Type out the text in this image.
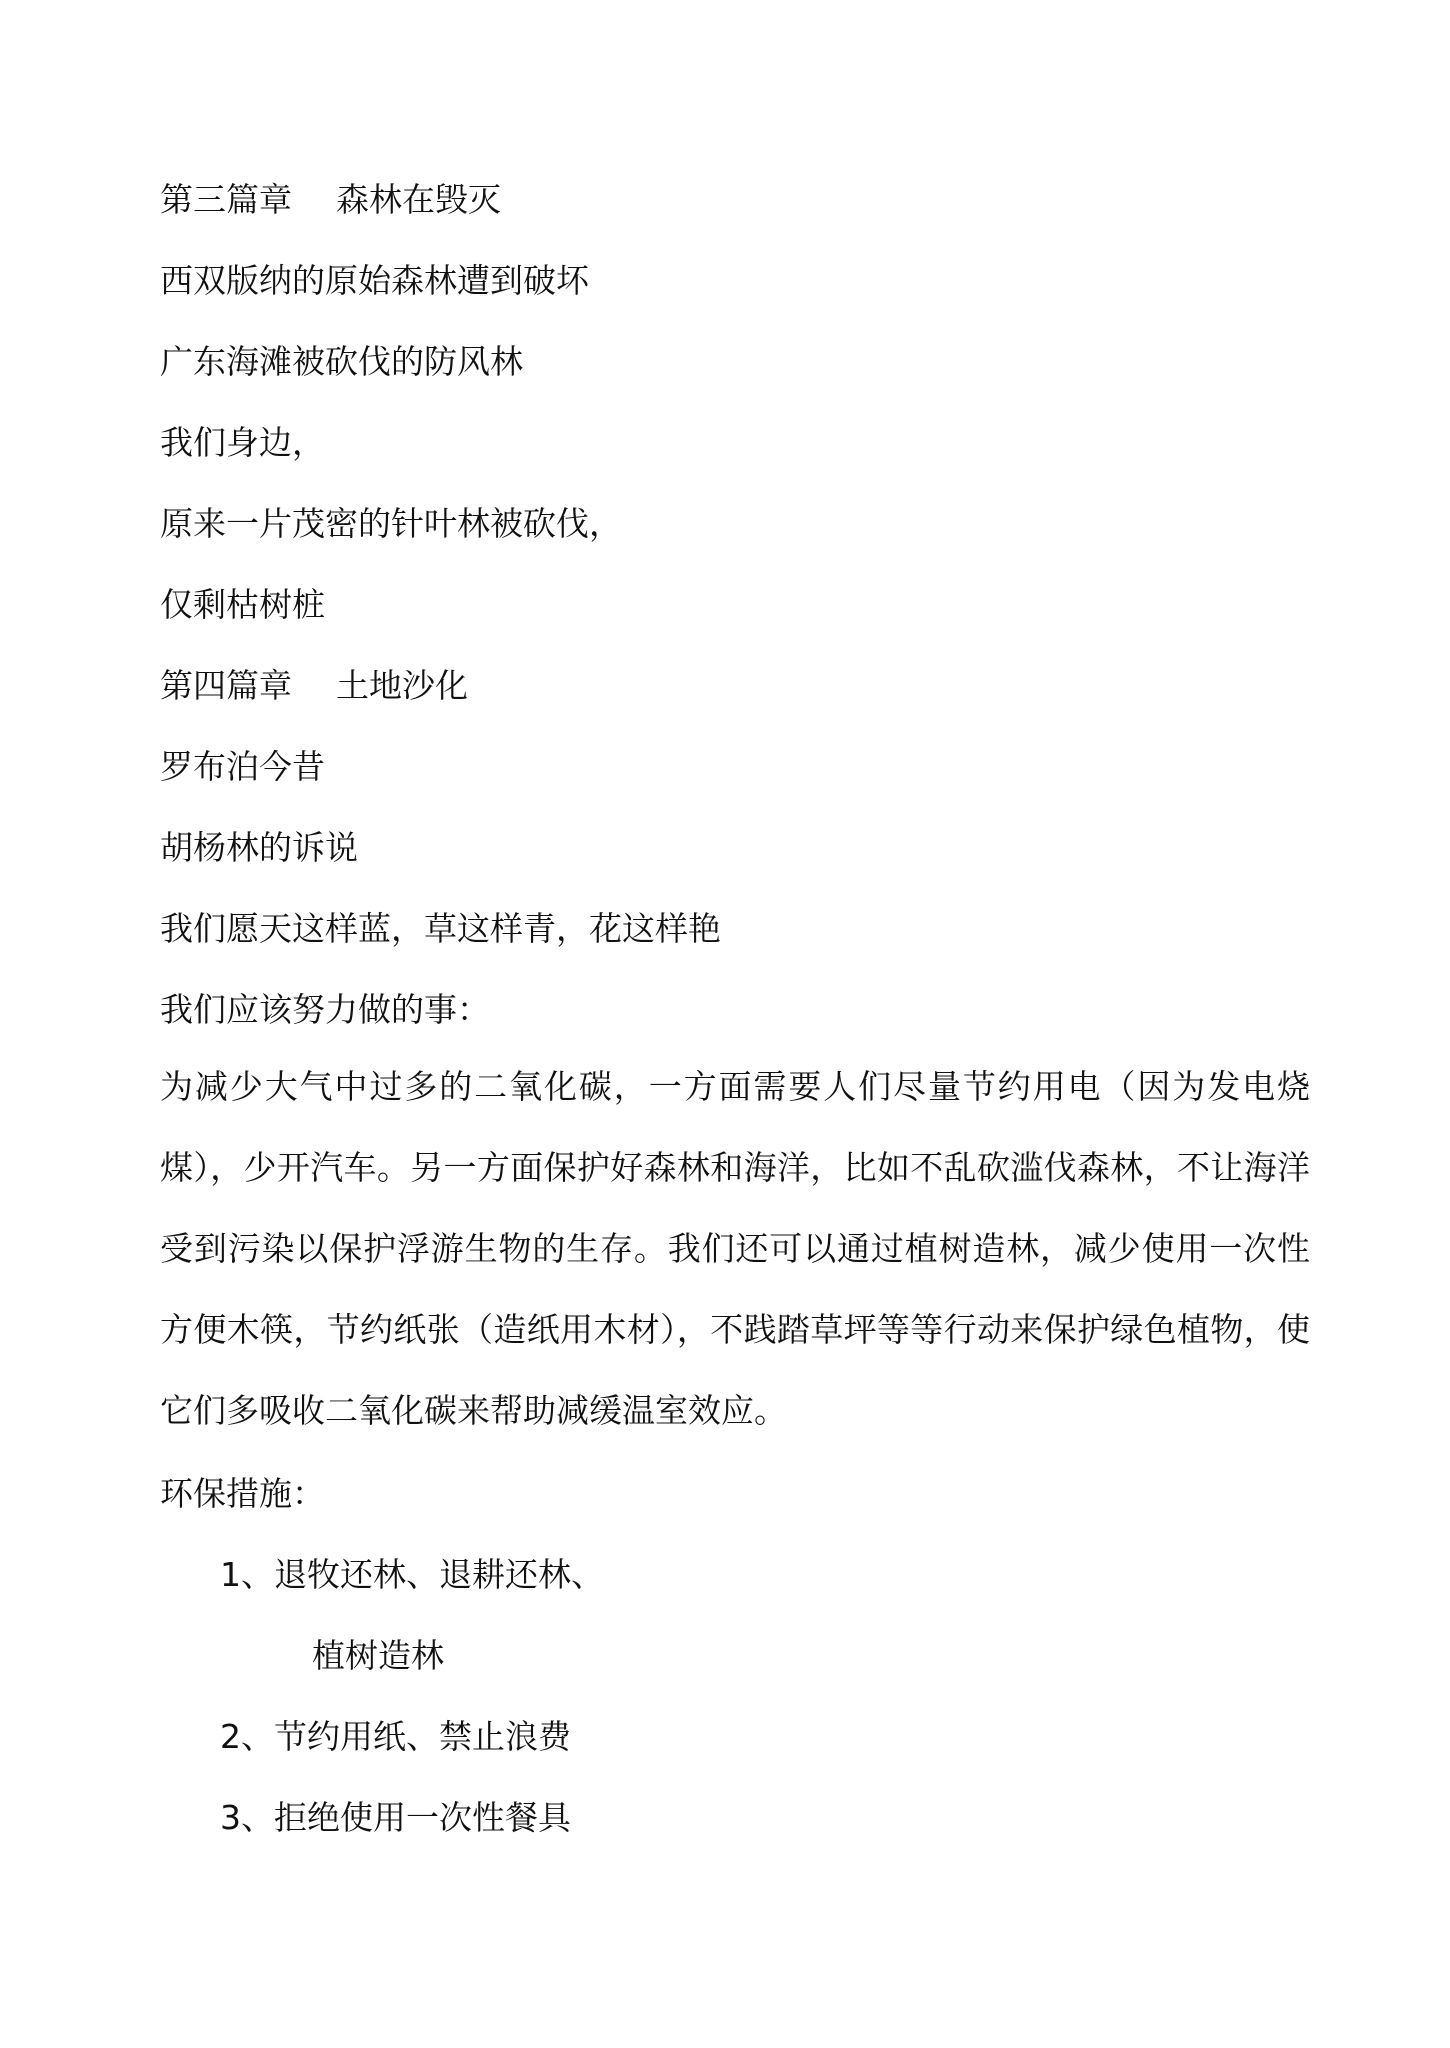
第三篇章 森林在毁灭

西双版纳的原始森林遭到破坏

广东海滩被砍伐的防风林

我们身边，

原来一片茂密的针叶林被砍伐，

仅剩枯树桩

第四篇章 土地沙化

罗布泊今昔

胡杨林的诉说

我们愿天这样蓝，草这样青，花这样艳

我们应该努力做的事：

为减少大气中过多的二氧化碳，一方面需要人们尽量节约用电（因为发电烧煤），少开汽车。另一方面保护好森林和海洋，比如不乱砍滥伐森林，不让海洋受到污染以保护浮游生物的生存。我们还可以通过植树造林，减少使用一次性方便木筷，节约纸张（造纸用木材），不践踏草坪等等行动来保护绿色植物，使它们多吸收二氧化碳来帮助减缓温室效应。

环保措施：

1、退牧还林、退耕还林、

植树造林

2、节约用纸、禁止浪费

3、拒绝使用一次性餐具
